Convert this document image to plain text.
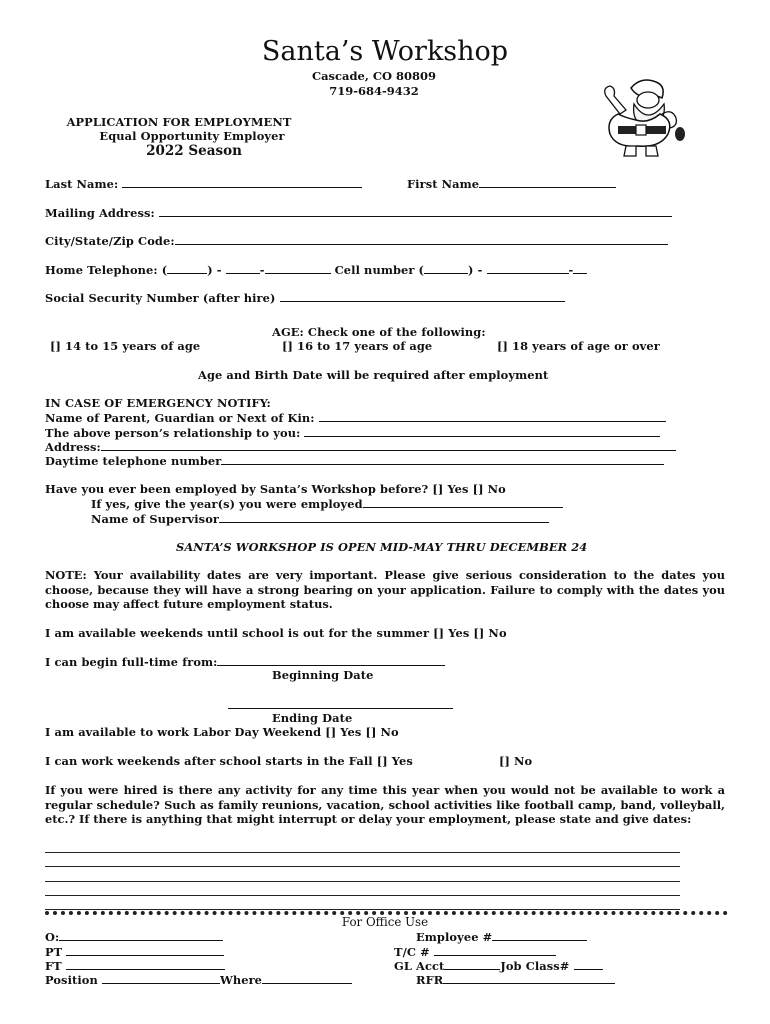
Santa’s Workshop
Cascade, CO 80809
719-684-9432
APPLICATION FOR EMPLOYMENT
Equal Opportunity Employer
2022 Season
Last Name:	First Name
Mailing Address:
City/State/Zip Code:
Home Telephone: (	) -	-	Cell number (	) -	-
Social Security Number (after hire)
AGE: Check one of the following:
[] 14 to 15 years of age	[] 16 to 17 years of age	[] 18 years of age or over
Age and Birth Date will be required after employment
IN CASE OF EMERGENCY NOTIFY:
Name of Parent, Guardian or Next of Kin:
The above person’s relationship to you:
Address:
Daytime telephone number
Have you ever been employed by Santa’s Workshop before? [] Yes [] No
If yes, give the year(s) you were employed
Name of Supervisor
SANTA’S WORKSHOP IS OPEN MID-MAY THRU DECEMBER 24
NOTE: Your availability dates are very important. Please give serious consideration to the dates you choose, because they will have a strong bearing on your application. Failure to comply with the dates you choose may affect future employment status.
I am available weekends until school is out for the summer [] Yes [] No
I can begin full-time from:
Beginning Date
Ending Date
I am available to work Labor Day Weekend [] Yes [] No
I can work weekends after school starts in the Fall [] Yes	[] No
If you were hired is there any activity for any time this year when you would not be available to work a regular schedule? Such as family reunions, vacation, school activities like football camp, band, volleyball, etc.? If there is anything that might interrupt or delay your employment, please state and give dates:
For Office Use
O:
PT
FT
Position	Where
Employee #
T/C #
GL Acct	Job Class#
RFR
